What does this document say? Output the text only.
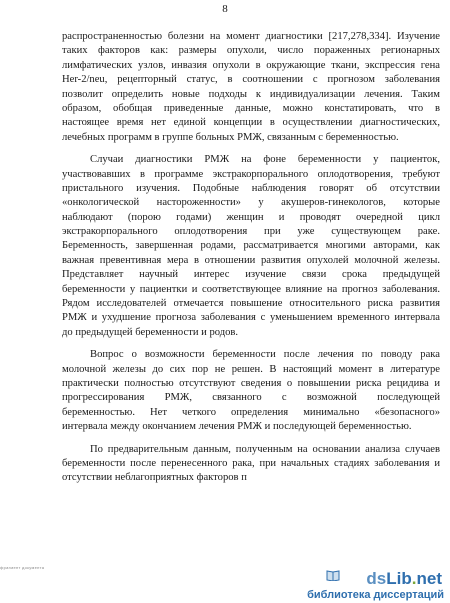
8
распространенностью болезни на момент диагностики [217,278,334]. Изучение
таких факторов как: размеры опухоли, число пораженных регионарных
лимфатических узлов, инвазия опухоли в окружающие ткани, экспрессия гена
Her-2/neu, рецепторный статус, в соотношении с прогнозом заболевания
позволит определить новые подходы к индивидуализации лечения. Таким
образом, обобщая приведенные данные, можно констатировать, что в
настоящее время нет единой концепции в осуществлении диагностических,
лечебных программ в группе больных РМЖ, связанным с беременностью.
Случаи диагностики РМЖ на фоне беременности у пациенток,
участвовавших в программе экстракорпорального оплодотворения, требуют
пристального изучения. Подобные наблюдения говорят об отсутствии
«онкологической настороженности» у акушеров-гинекологов, которые
наблюдают (порою годами) женщин и проводят очередной цикл
экстракорпорального оплодотворения при уже существующем раке.
Беременность, завершенная родами, рассматривается многими авторами, как
важная превентивная мера в отношении развития опухолей молочной железы.
Представляет научный интерес изучение связи срока предыдущей
беременности у пациентки и соответствующее влияние на прогноз заболевания.
Рядом исследователей отмечается повышение относительного риска развития
РМЖ и ухудшение прогноза заболевания с уменьшением временного интервала
до предыдущей беременности и родов.
Вопрос о возможности беременности после лечения по поводу рака
молочной железы до сих пор не решен. В настоящий момент в литературе
практически полностью отсутствуют сведения о повышении риска рецидива и
прогрессирования РМЖ, связанного с возможной последующей
беременностью. Нет четкого определения минимально «безопасного»
интервала между окончанием лечения РМЖ и последующей беременностью.
По предварительным данным, полученным на основании анализа случаев
беременности после перенесенного рака, при начальных стадиях заболевания и
отсутствии неблагоприятных факторов п
фрагмент документа
dsLib.net
библиотека диссертаций
